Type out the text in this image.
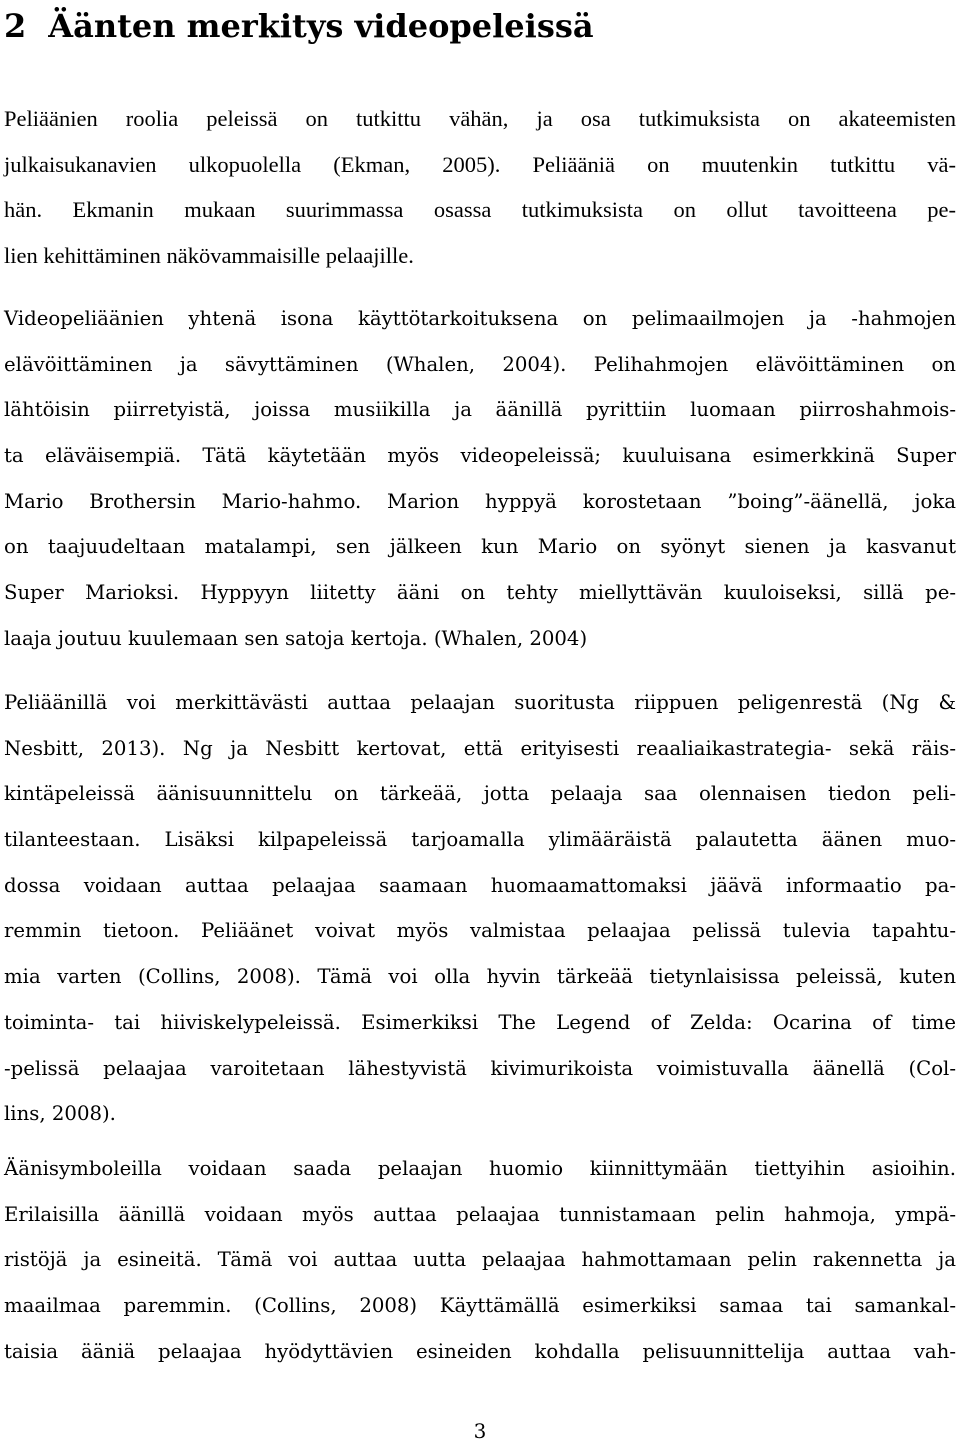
2 Äänten merkitys videopeleissä
Peliäänien roolia peleissä on tutkittu vähän, ja osa tutkimuksista on akateemisten
julkaisukanavien ulkopuolella (Ekman, 2005). Peliääniä on muutenkin tutkittu vä-
hän. Ekmanin mukaan suurimmassa osassa tutkimuksista on ollut tavoitteena pe-
lien kehittäminen näkövammaisille pelaajille.
Videopeliäänien yhtenä isona käyttötarkoituksena on pelimaailmojen ja -hahmojen
elävöittäminen ja sävyttäminen (Whalen, 2004). Pelihahmojen elävöittäminen on
lähtöisin piirretyistä, joissa musiikilla ja äänillä pyrittiin luomaan piirroshahmois-
ta eläväisempiä. Tätä käytetään myös videopeleissä; kuuluisana esimerkkinä Super
Mario Brothersin Mario-hahmo. Marion hyppyä korostetaan ”boing”-äänellä, joka
on taajuudeltaan matalampi, sen jälkeen kun Mario on syönyt sienen ja kasvanut
Super Marioksi. Hyppyyn liitetty ääni on tehty miellyttävän kuuloiseksi, sillä pe-
laaja joutuu kuulemaan sen satoja kertoja. (Whalen, 2004)
Peliäänillä voi merkittävästi auttaa pelaajan suoritusta riippuen peligenrestä (Ng &
Nesbitt, 2013). Ng ja Nesbitt kertovat, että erityisesti reaaliaikastrategia- sekä räis-
kintäpeleissä äänisuunnittelu on tärkeää, jotta pelaaja saa olennaisen tiedon peli-
tilanteestaan. Lisäksi kilpapeleissä tarjoamalla ylimääräistä palautetta äänen muo-
dossa voidaan auttaa pelaajaa saamaan huomaamattomaksi jäävä informaatio pa-
remmin tietoon. Peliäänet voivat myös valmistaa pelaajaa pelissä tulevia tapahtu-
mia varten (Collins, 2008). Tämä voi olla hyvin tärkeää tietynlaisissa peleissä, kuten
toiminta- tai hiiviskelypeleissä. Esimerkiksi The Legend of Zelda: Ocarina of time
-pelissä pelaajaa varoitetaan lähestyvistä kivimurikoista voimistuvalla äänellä (Col-
lins, 2008).
Äänisymboleilla voidaan saada pelaajan huomio kiinnittymään tiettyihin asioihin.
Erilaisilla äänillä voidaan myös auttaa pelaajaa tunnistamaan pelin hahmoja, ympä-
ristöjä ja esineitä. Tämä voi auttaa uutta pelaajaa hahmottamaan pelin rakennetta ja
maailmaa paremmin. (Collins, 2008) Käyttämällä esimerkiksi samaa tai samankal-
taisia ääniä pelaajaa hyödyttävien esineiden kohdalla pelisuunnittelija auttaa vah-
3
